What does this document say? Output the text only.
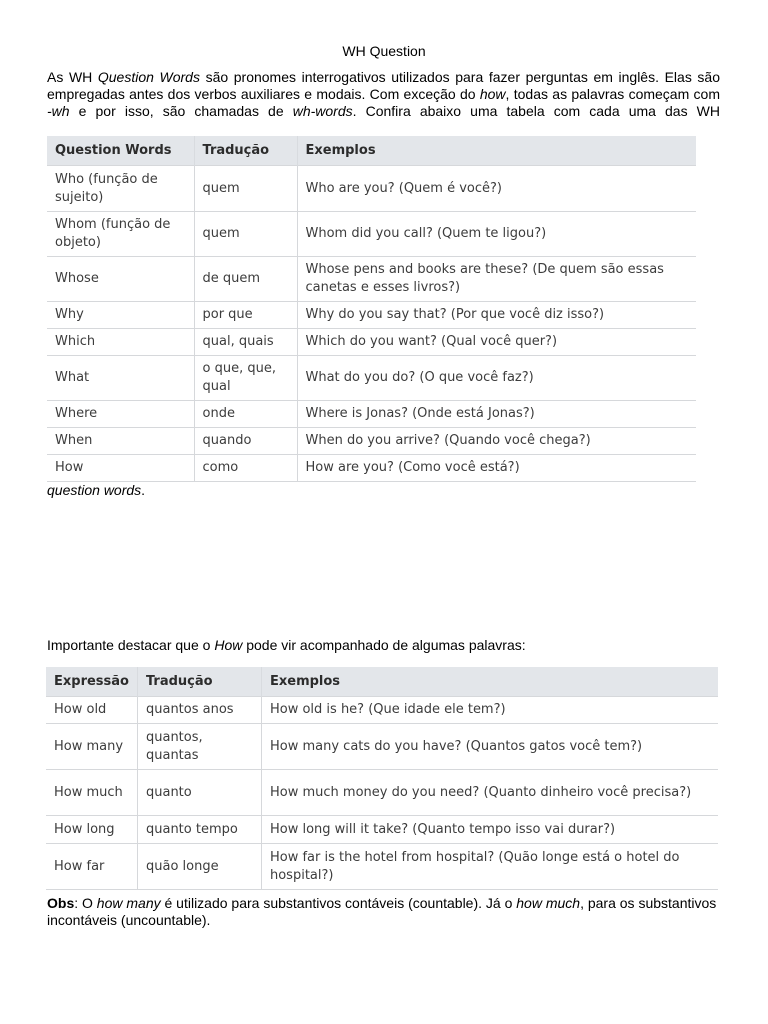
WH Question

As WH Question Words são pronomes interrogativos utilizados para fazer perguntas em inglês. Elas são empregadas antes dos verbos auxiliares e modais. Com exceção do how, todas as palavras começam com -wh e por isso, são chamadas de wh-words. Confira abaixo uma tabela com cada uma das WH

Question Words	Tradução	Exemplos
Who (função de sujeito)	quem	Who are you? (Quem é você?)
Whom (função de objeto)	quem	Whom did you call? (Quem te ligou?)
Whose	de quem	Whose pens and books are these? (De quem são essas canetas e esses livros?)
Why	por que	Why do you say that? (Por que você diz isso?)
Which	qual, quais	Which do you want? (Qual você quer?)
What	o que, que, qual	What do you do? (O que você faz?)
Where	onde	Where is Jonas? (Onde está Jonas?)
When	quando	When do you arrive? (Quando você chega?)
How	como	How are you? (Como você está?)
question words.
Importante destacar que o How pode vir acompanhado de algumas palavras:
Expressão	Tradução	Exemplos
How old	quantos anos	How old is he? (Que idade ele tem?)
How many	quantos, quantas	How many cats do you have? (Quantos gatos você tem?)
How much	quanto	How much money do you need? (Quanto dinheiro você precisa?)
How long	quanto tempo	How long will it take? (Quanto tempo isso vai durar?)
How far	quão longe	How far is the hotel from hospital? (Quão longe está o hotel do hospital?)

Obs: O how many é utilizado para substantivos contáveis (countable). Já o how much, para os substantivos incontáveis (uncountable).
